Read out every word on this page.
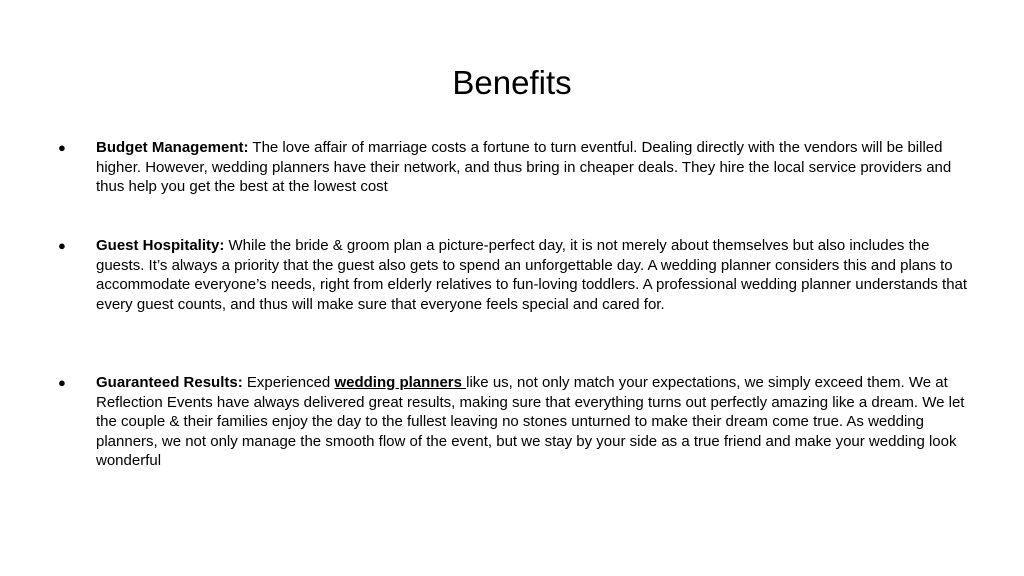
Benefits
● Budget Management: The love affair of marriage costs a fortune to turn eventful. Dealing directly with the vendors will be billed higher. However, wedding planners have their network, and thus bring in cheaper deals. They hire the local service providers and thus help you get the best at the lowest cost
● Guest Hospitality: While the bride & groom plan a picture-perfect day, it is not merely about themselves but also includes the guests. It’s always a priority that the guest also gets to spend an unforgettable day. A wedding planner considers this and plans to accommodate everyone’s needs, right from elderly relatives to fun-loving toddlers. A professional wedding planner understands that every guest counts, and thus will make sure that everyone feels special and cared for.
● Guaranteed Results: Experienced wedding planners like us, not only match your expectations, we simply exceed them. We at Reflection Events have always delivered great results, making sure that everything turns out perfectly amazing like a dream. We let the couple & their families enjoy the day to the fullest leaving no stones unturned to make their dream come true. As wedding planners, we not only manage the smooth flow of the event, but we stay by your side as a true friend and make your wedding look wonderful
